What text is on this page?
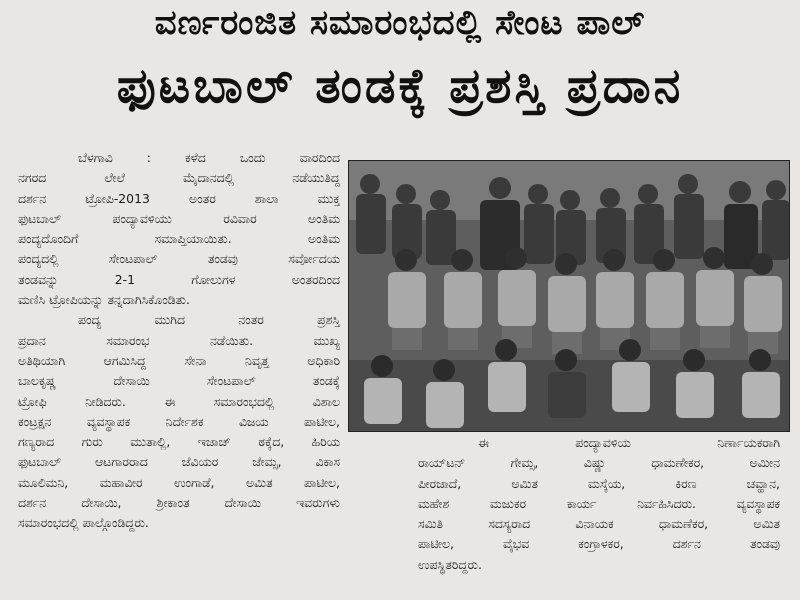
ವರ್ಣರಂಜಿತ ಸಮಾರಂಭದಲ್ಲಿ ಸೇಂಟ ಪಾಲ್
ಫುಟಬಾಲ್ ತಂಡಕ್ಕೆ ಪ್ರಶಸ್ತಿ ಪ್ರದಾನ

ಬೆಳಗಾವಿ : ಕಳೆದ ಒಂದು ವಾರದಿಂದ

ನಗರದ ಲೇಲೆ ಮೈದಾನದಲ್ಲಿ ನಡೆಯುತಿದ್ದ

ದರ್ಶನ ಟ್ರೋಪಿ-2013 ಅಂತರ ಶಾಲಾ ಮುಕ್ತ

ಫುಟಬಾಲ್ ಪಂದ್ಯಾವಳಿಯು ರವಿವಾರ ಅಂತಿಮ

ಪಂದ್ಯದೊಂದಿಗೆ ಸಮಾಪ್ತಿಯಾಯಿತು. ಅಂತಿಮ

ಪಂದ್ಯದಲ್ಲಿ ಸೇಂಟಪಾಲ್ ತಂಡವು ಸರ್ವೋದಯ

ತಂಡವನ್ನು 2-1 ಗೋಲುಗಳ ಅಂತರದಿಂದ

ಮಣಿಸಿ ಟ್ರೋಪಿಯನ್ನು ತನ್ನದಾಗಿಸಿಕೊಂಡಿತು.

ಪಂದ್ಯ ಮುಗಿದ ನಂತರ ಪ್ರಶಸ್ತಿ

ಪ್ರದಾನ ಸಮಾರಂಭ ನಡೆಯಿತು. ಮುಖ್ಯ

ಅತಿಥಿಯಾಗಿ ಆಗಮಿಸಿದ್ದ ಸೇನಾ ನಿವೃತ್ತ ಅಧಿಕಾರಿ

ಬಾಲಕೃಷ್ಣ ದೇಸಾಯಿ ಸೇಂಟಪಾಲ್ ತಂಡಕ್ಕೆ

ಟ್ರೋಫಿ ನೀಡಿದರು. ಈ ಸಮಾರಂಭದಲ್ಲಿ ವಿಶಾಲ

ಕಂಟ್ರಕ್ಷನ ವ್ಯವಸ್ಥಾಪಕ ನಿರ್ದೇಶಕ ವಿಜಯ ಪಾಟೀಲ,

ಗಣ್ಯರಾದ ಗುರು ಮುತಾಲ್ಲಿ, ಇಜಾಜ್ ಠಕ್ಕೆದ, ಹಿರಿಯ

ಫುಟಬಾಲ್ ಆಟಗಾರರಾದ ಜೆವಿಯರ ಜೇಮ್ಸ, ವಿಕಾಸ

ಮೂಲಿಮನಿ, ಮಹಾವೀರ ಉಂಗಾಡೆ, ಅಮಿತ ಪಾಟೀಲ,

ದರ್ಶನ ದೇಸಾಯಿ, ಶ್ರೀಕಾಂತ ದೇಸಾಯಿ ಇವರುಗಳು

ಸಮಾರಂಭದಲ್ಲಿ ಪಾಲ್ಗೊಂಡಿದ್ದರು.

ಈ ಪಂದ್ಯಾವಳಿಯ ನಿರ್ಣಾಯಕರಾಗಿ

ರಾಯ್‌ಟನ್ ಗೇಮ್ಸ, ವಿಷ್ಣು ಧಾಮಣೇಕರ, ಅಮೀನ

ಪೀರಜಾದೆ, ಅಮಿತ ಮಸ್ಕೆಯ, ಕಿರಣ ಚವ್ಹಾನ,

ಮಹೇಶ ಮಜುಕರ ಕಾರ್ಯ ನಿರ್ವಹಿಸಿದರು. ವ್ಯವಸ್ಥಾಪಕ

ಸಮಿತಿ ಸದಸ್ಯರಾದ ವಿನಾಯಕ ಧಾಮಣೆಕರ, ಅಮಿತ

ಪಾಟೀಲ, ವೈಭವ ಕಂಗ್ರಾಳಕರ, ದರ್ಶನ ತಂಡವು

ಉಪಸ್ಥಿತರಿದ್ದರು.
